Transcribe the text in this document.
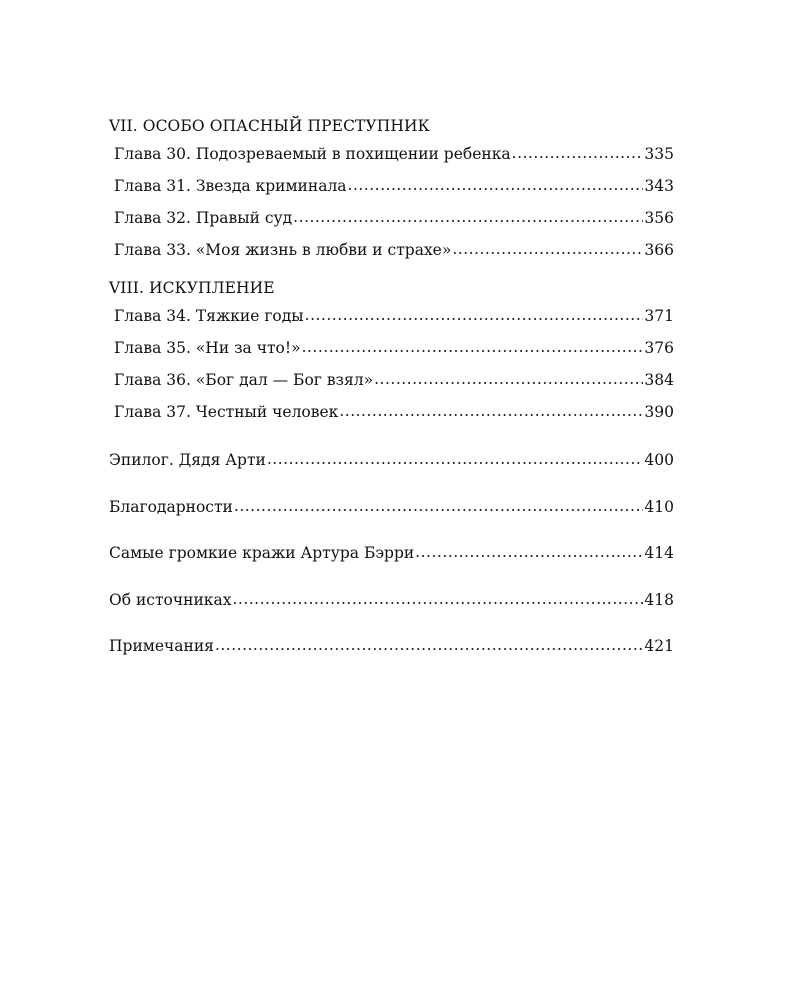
VII. ОСОБО ОПАСНЫЙ ПРЕСТУПНИК
Глава 30. Подозреваемый в похищении ребенка .....	335
Глава 31. Звезда криминала .....	343
Глава 32. Правый суд .....	356
Глава 33. «Моя жизнь в любви и страхе» .....	366
VIII. ИСКУПЛЕНИЕ
Глава 34. Тяжкие годы .....	371
Глава 35. «Ни за что!» .....	376
Глава 36. «Бог дал — Бог взял» .....	384
Глава 37. Честный человек .....	390
Эпилог. Дядя Арти .....	400
Благодарности .....	410
Самые громкие кражи Артура Бэрри .....	414
Об источниках .....	418
Примечания .....	421
